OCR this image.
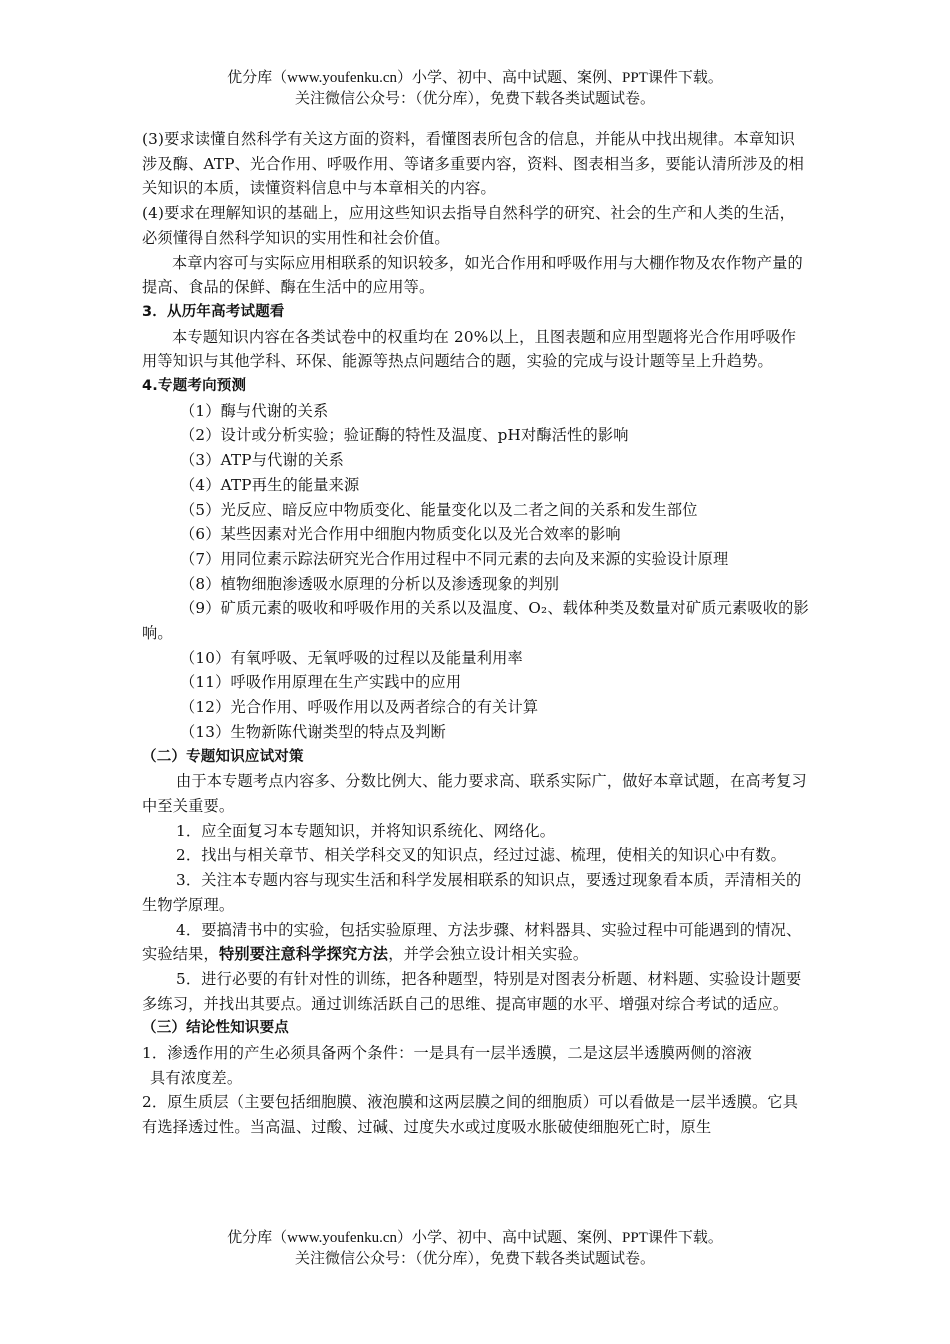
优分库（www.youfenku.cn）小学、初中、高中试题、案例、PPT课件下载。
关注微信公众号：（优分库），免费下载各类试题试卷。

(3)要求读懂自然科学有关这方面的资料，看懂图表所包含的信息，并能从中找出规律。本章知识涉及酶、ATP、光合作用、呼吸作用、等诸多重要内容，资料、图表相当多，要能认清所涉及的相关知识的本质，读懂资料信息中与本章相关的内容。

(4)要求在理解知识的基础上，应用这些知识去指导自然科学的研究、社会的生产和人类的生活，必须懂得自然科学知识的实用性和社会价值。

本章内容可与实际应用相联系的知识较多，如光合作用和呼吸作用与大棚作物及农作物产量的提高、食品的保鲜、酶在生活中的应用等。

3．从历年高考试题看

本专题知识内容在各类试卷中的权重均在 20%以上，且图表题和应用型题将光合作用呼吸作用等知识与其他学科、环保、能源等热点问题结合的题，实验的完成与设计题等呈上升趋势。

4.专题考向预测

（1）酶与代谢的关系

（2）设计或分析实验；验证酶的特性及温度、pH对酶活性的影响

（3）ATP与代谢的关系

（4）ATP再生的能量来源

（5）光反应、暗反应中物质变化、能量变化以及二者之间的关系和发生部位

（6）某些因素对光合作用中细胞内物质变化以及光合效率的影响

（7）用同位素示踪法研究光合作用过程中不同元素的去向及来源的实验设计原理

（8）植物细胞渗透吸水原理的分析以及渗透现象的判别

（9）矿质元素的吸收和呼吸作用的关系以及温度、O₂、载体种类及数量对矿质元素吸收的影响。

（10）有氧呼吸、无氧呼吸的过程以及能量利用率

（11）呼吸作用原理在生产实践中的应用

（12）光合作用、呼吸作用以及两者综合的有关计算

（13）生物新陈代谢类型的特点及判断

（二）专题知识应试对策

由于本专题考点内容多、分数比例大、能力要求高、联系实际广，做好本章试题，在高考复习中至关重要。

1．应全面复习本专题知识，并将知识系统化、网络化。

2．找出与相关章节、相关学科交叉的知识点，经过过滤、梳理，使相关的知识心中有数。

3．关注本专题内容与现实生活和科学发展相联系的知识点，要透过现象看本质，弄清相关的生物学原理。

4．要搞清书中的实验，包括实验原理、方法步骤、材料器具、实验过程中可能遇到的情况、实验结果，特别要注意科学探究方法，并学会独立设计相关实验。

5．进行必要的有针对性的训练，把各种题型，特别是对图表分析题、材料题、实验设计题要多练习，并找出其要点。通过训练活跃自己的思维、提高审题的水平、增强对综合考试的适应。

（三）结论性知识要点

1．渗透作用的产生必须具备两个条件：一是具有一层半透膜，二是这层半透膜两侧的溶液

具有浓度差。

2．原生质层（主要包括细胞膜、液泡膜和这两层膜之间的细胞质）可以看做是一层半透膜。它具有选择透过性。当高温、过酸、过碱、过度失水或过度吸水胀破使细胞死亡时，原生

优分库（www.youfenku.cn）小学、初中、高中试题、案例、PPT课件下载。
关注微信公众号：（优分库），免费下载各类试题试卷。
